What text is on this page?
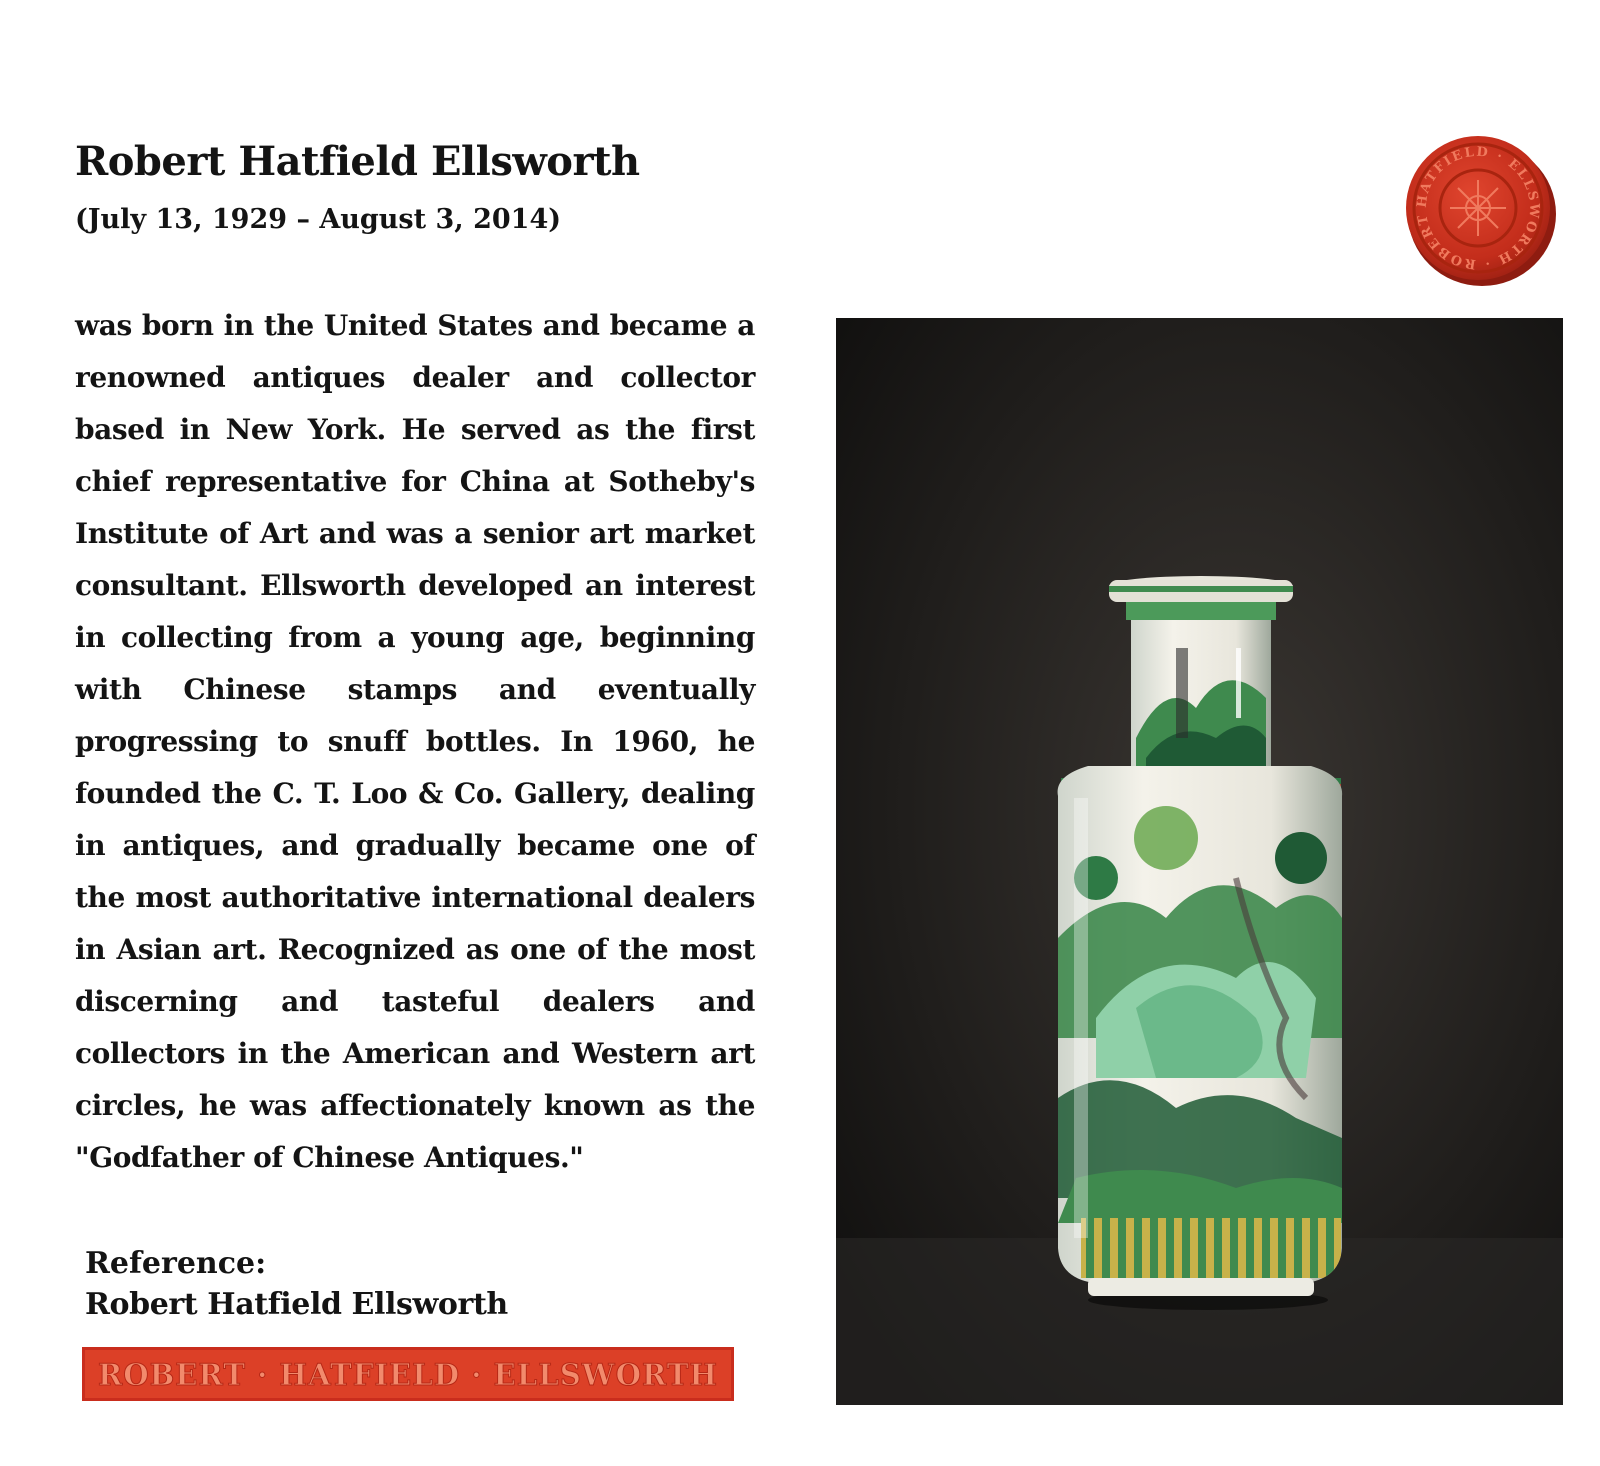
Robert Hatfield Ellsworth

(July 13, 1929 – August 3, 2014)

was born in the United States and became a renowned antiques dealer and collector based in New York. He served as the first chief representative for China at Sotheby's Institute of Art and was a senior art market consultant. Ellsworth developed an interest in collecting from a young age, beginning with Chinese stamps and eventually progressing to snuff bottles. In 1960, he founded the C. T. Loo & Co. Gallery, dealing in antiques, and gradually became one of the most authoritative international dealers in Asian art. Recognized as one of the most discerning and tasteful dealers and collectors in the American and Western art circles, he was affectionately known as the "Godfather of Chinese Antiques."

Reference:

Robert Hatfield Ellsworth

HATFIELD · ELLSWORTH · ROBERT
ROBERT · HATFIELD · ELLSWORTH
